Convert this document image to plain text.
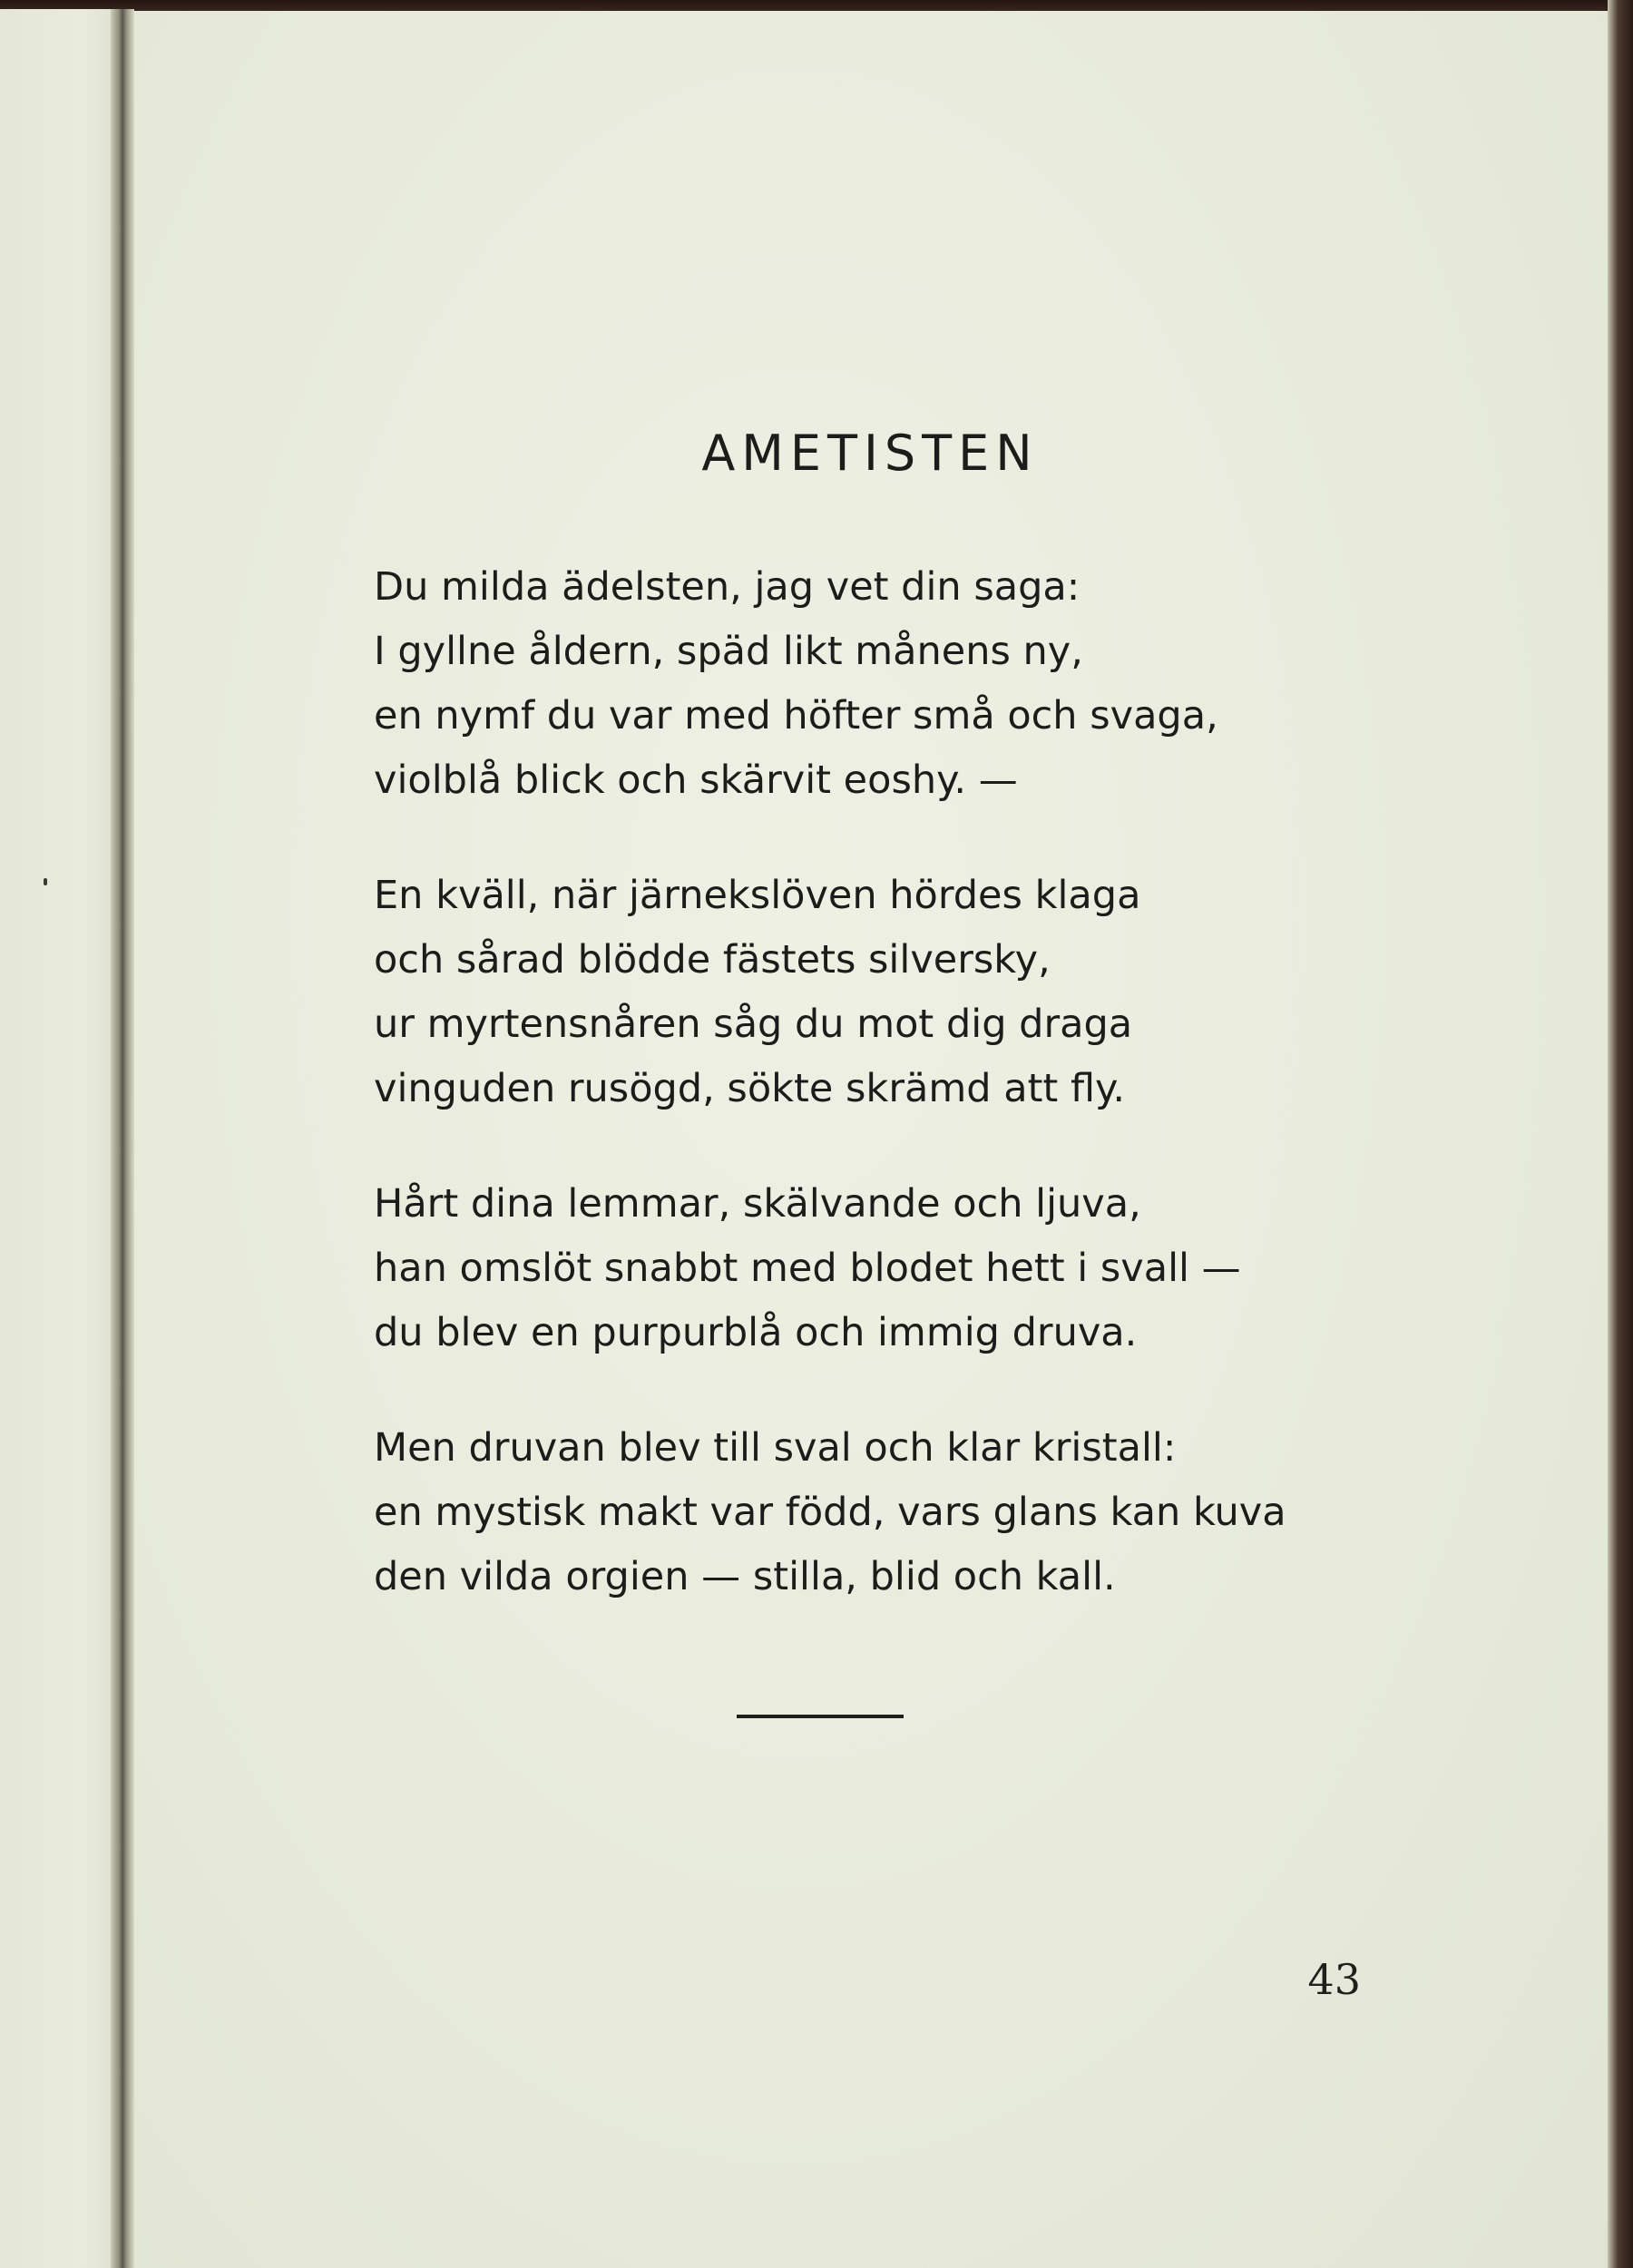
AMETISTEN
Du milda ädelsten, jag vet din saga:
I gyllne åldern, späd likt månens ny,
en nymf du var med höfter små och svaga,
violblå blick och skärvit eoshy. —
En kväll, när järnekslöven hördes klaga
och sårad blödde fästets silversky,
ur myrtensnåren såg du mot dig draga
vinguden rusögd, sökte skrämd att fly.
Hårt dina lemmar, skälvande och ljuva,
han omslöt snabbt med blodet hett i svall —
du blev en purpurblå och immig druva.
Men druvan blev till sval och klar kristall:
en mystisk makt var född, vars glans kan kuva
den vilda orgien — stilla, blid och kall.
43
